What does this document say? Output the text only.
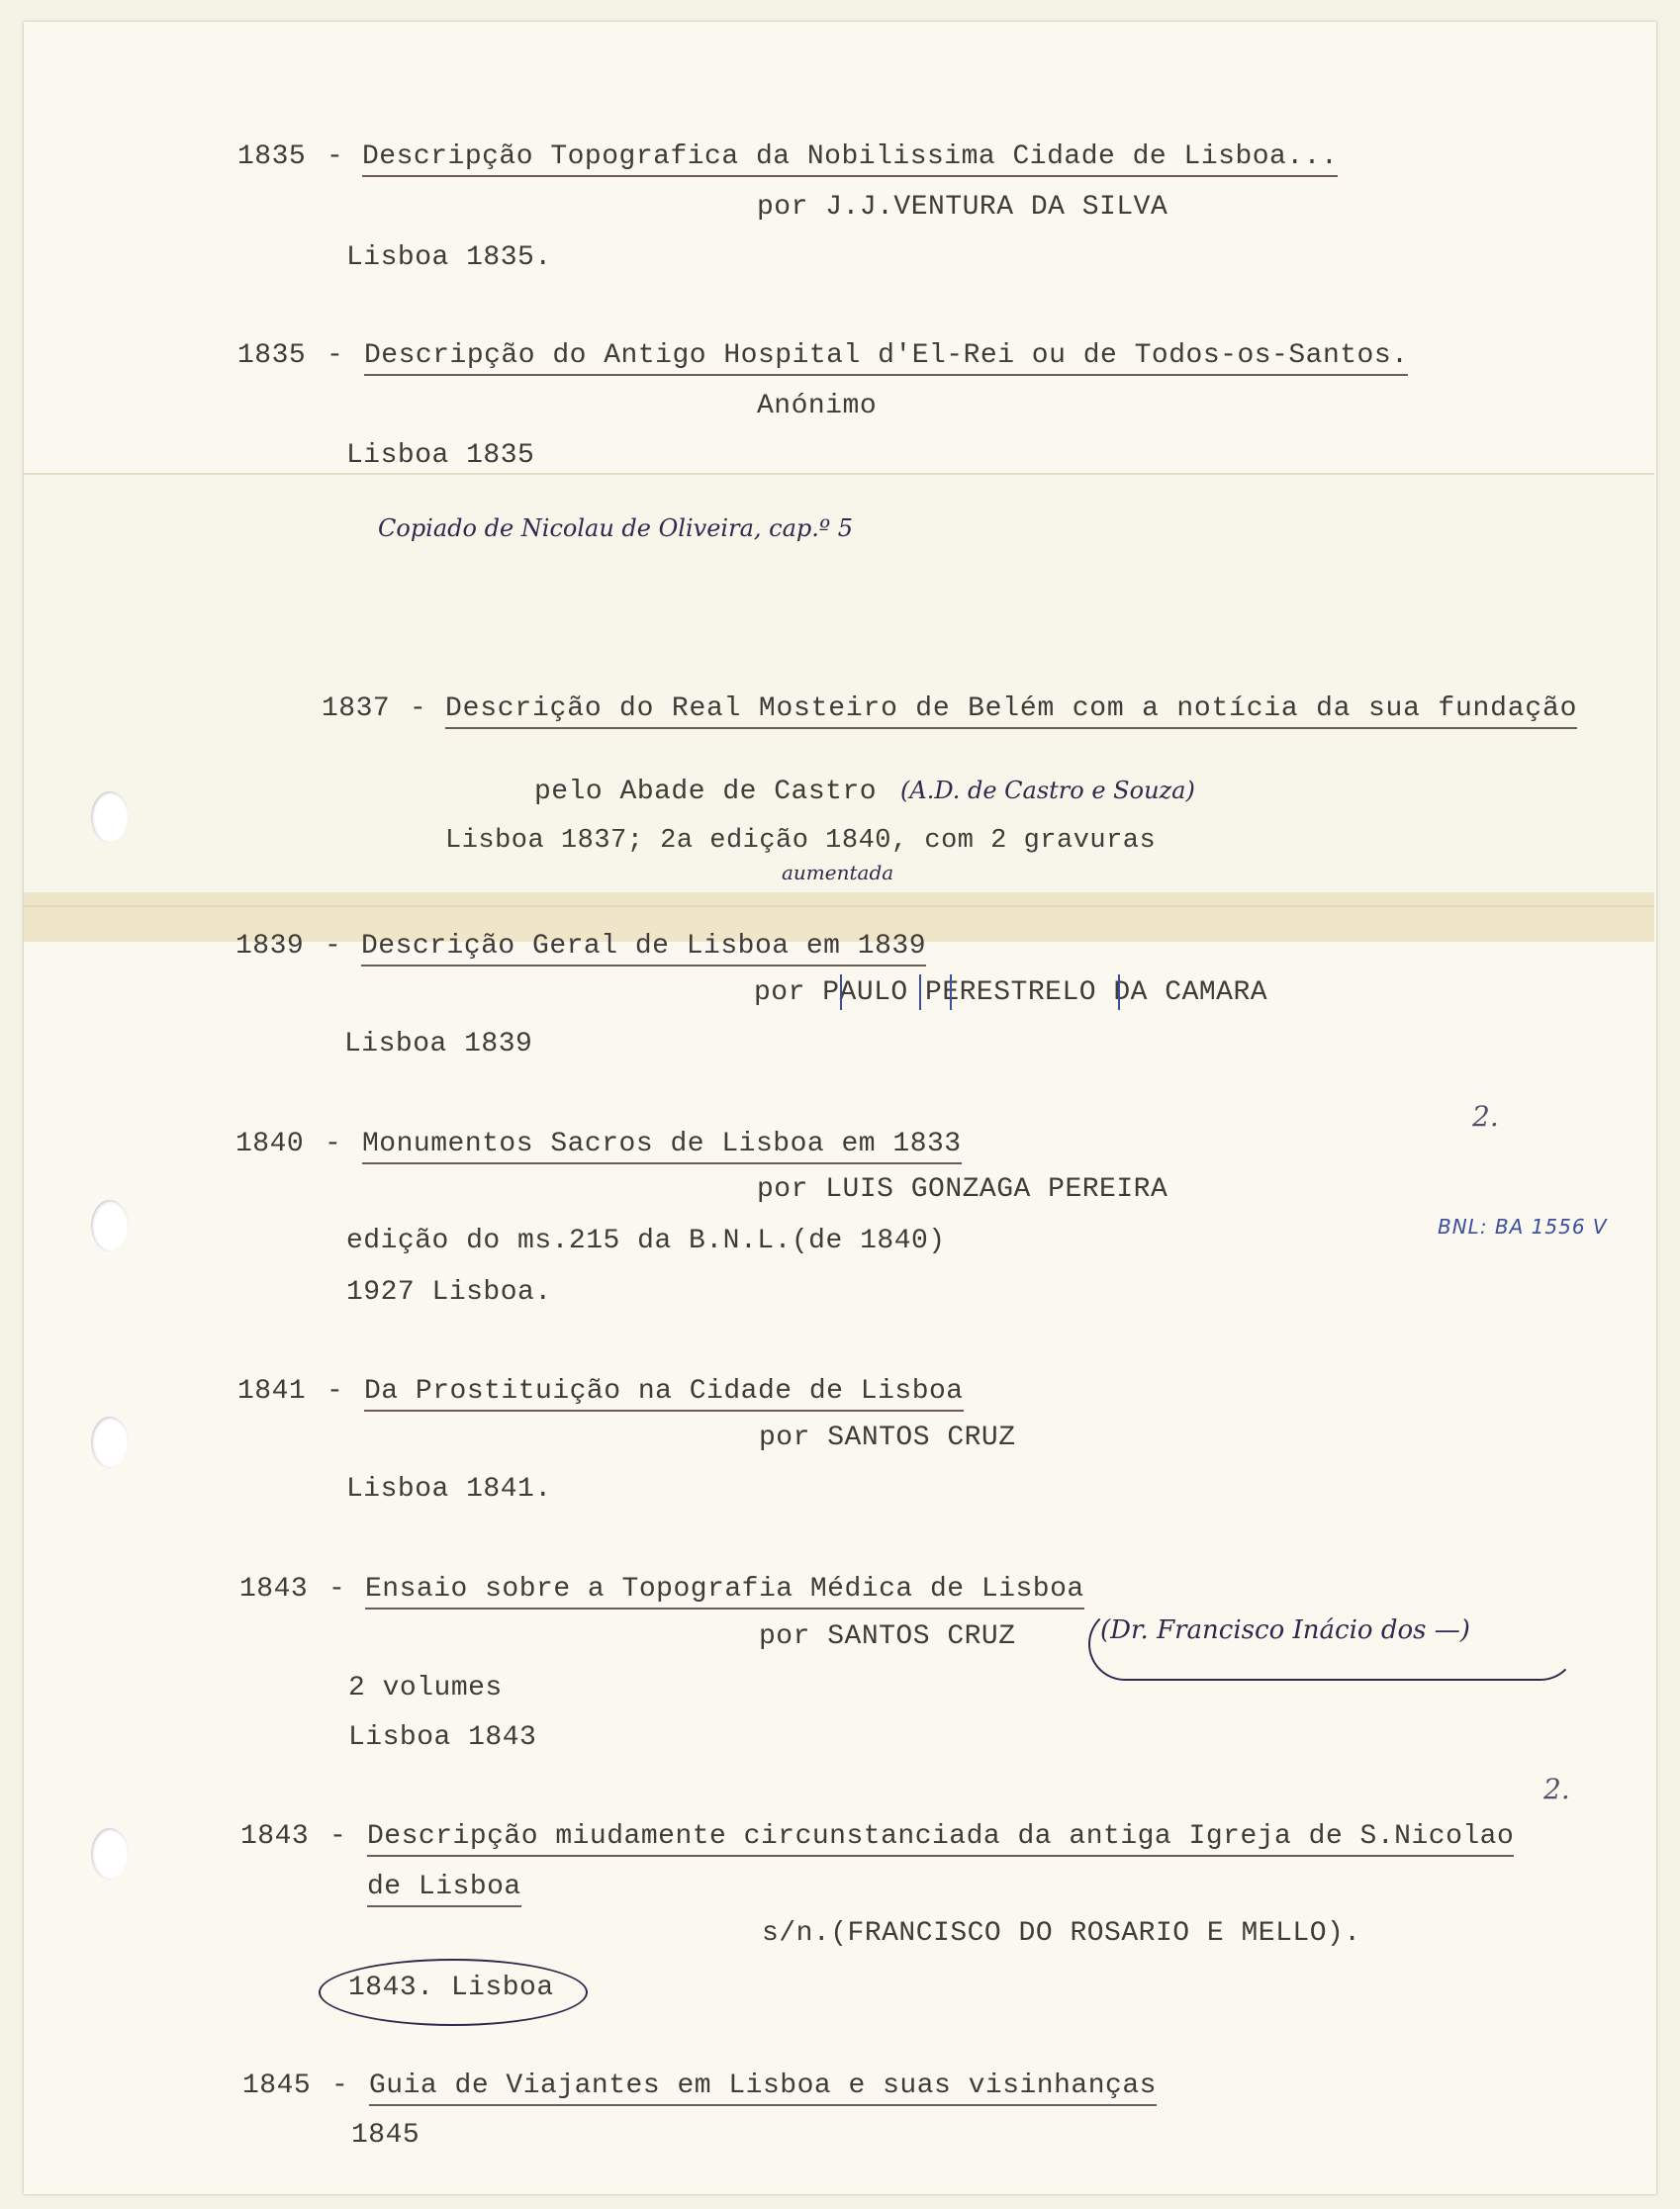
1835 - Descripção Topografica da Nobilissima Cidade de Lisboa...
por J.J.VENTURA DA SILVA
Lisboa 1835.
1835 - Descripção do Antigo Hospital d'El-Rei ou de Todos-os-Santos.
Anónimo
Lisboa 1835
Copiado de Nicolau de Oliveira, cap.º 5
1837 - Descrição do Real Mosteiro de Belém com a notícia da sua fundação
pelo Abade de Castro (A.D. de Castro e Souza)
Lisboa 1837; 2a edição 1840, com 2 gravuras
aumentada
1839 - Descrição Geral de Lisboa em 1839
por PAULO PERESTRELO DA CAMARA
Lisboa 1839
1840 - Monumentos Sacros de Lisboa em 1833
por LUIS GONZAGA PEREIRA
edição do ms.215 da B.N.L.(de 1840)
1927 Lisboa.
1841 - Da Prostituição na Cidade de Lisboa
por SANTOS CRUZ
Lisboa 1841.
1843 - Ensaio sobre a Topografia Médica de Lisboa
por SANTOS CRUZ	(Dr. Francisco Inácio dos —)
2 volumes
Lisboa 1843
1843 - Descripção miudamente circunstanciada da antiga Igreja de S.Nicolao
de Lisboa
s/n.(FRANCISCO DO ROSARIO E MELLO).
1843. Lisboa
1845 - Guia de Viajantes em Lisboa e suas visinhanças
1845
2.
BNL: BA 1556 V
2.
